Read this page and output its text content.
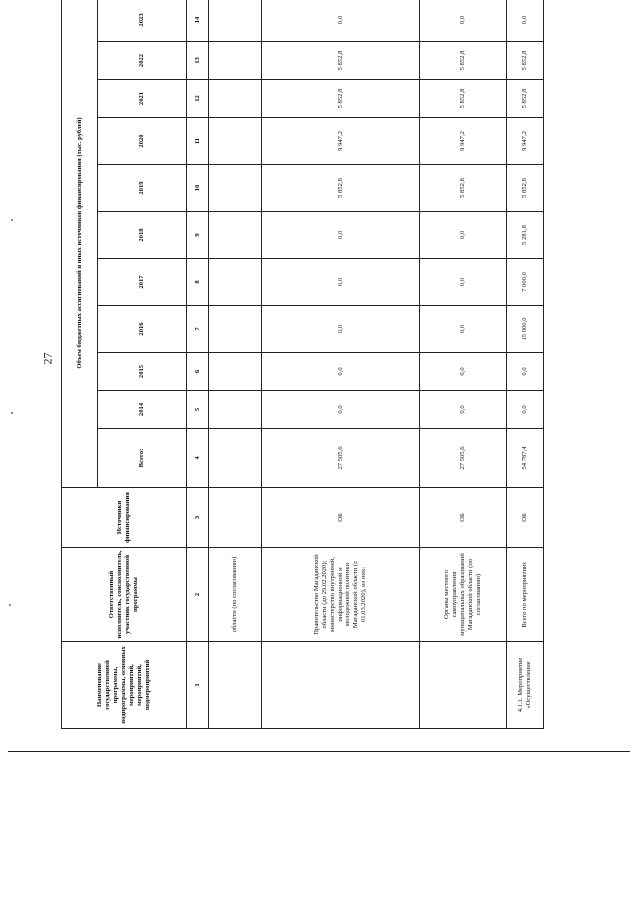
27
Наименование государственной программы, подпрограммы, основных мероприятий, мероприятий, подмероприятий	Ответственный исполнитель, соисполнитель, участник государственной программы	Источники финансирования	Объем бюджетных ассигнований и иных источников финансирования (тыс. рублей)										
			Всего:	2014	2015	2016	2017	2018	2019	2020	2021	2022	2023
1	2	3	4	5	6	7	8	9	10	11	12	13	14
	области (по согласованию)												
	Правительство Магаданской области (до 29.02.2020); министерство внутренней, информационной и молодежной политики Магаданской области (с 01.03.2020), из них:	ОБ	27 505,6	0,0	0,0	0,0	0,0	0,0	5 852,8	9 947,2	5 852,8	5 852,8	0,0
	Органы местного самоуправления муниципальных образований Магаданской области (по согласованию)	ОБ	27 505,6	0,0	0,0	0,0	0,0	0,0	5 852,8	9 947,2	5 852,8	5 852,8	0,0
4.1.1. Мероприятие «Осуществление	Всего по мероприятию:	ОБ	54 787,4	0,0	0,0	15 000,0	7 000,0	5 281,8	5 852,8	9 947,2	5 852,8	5 852,8	0,0
